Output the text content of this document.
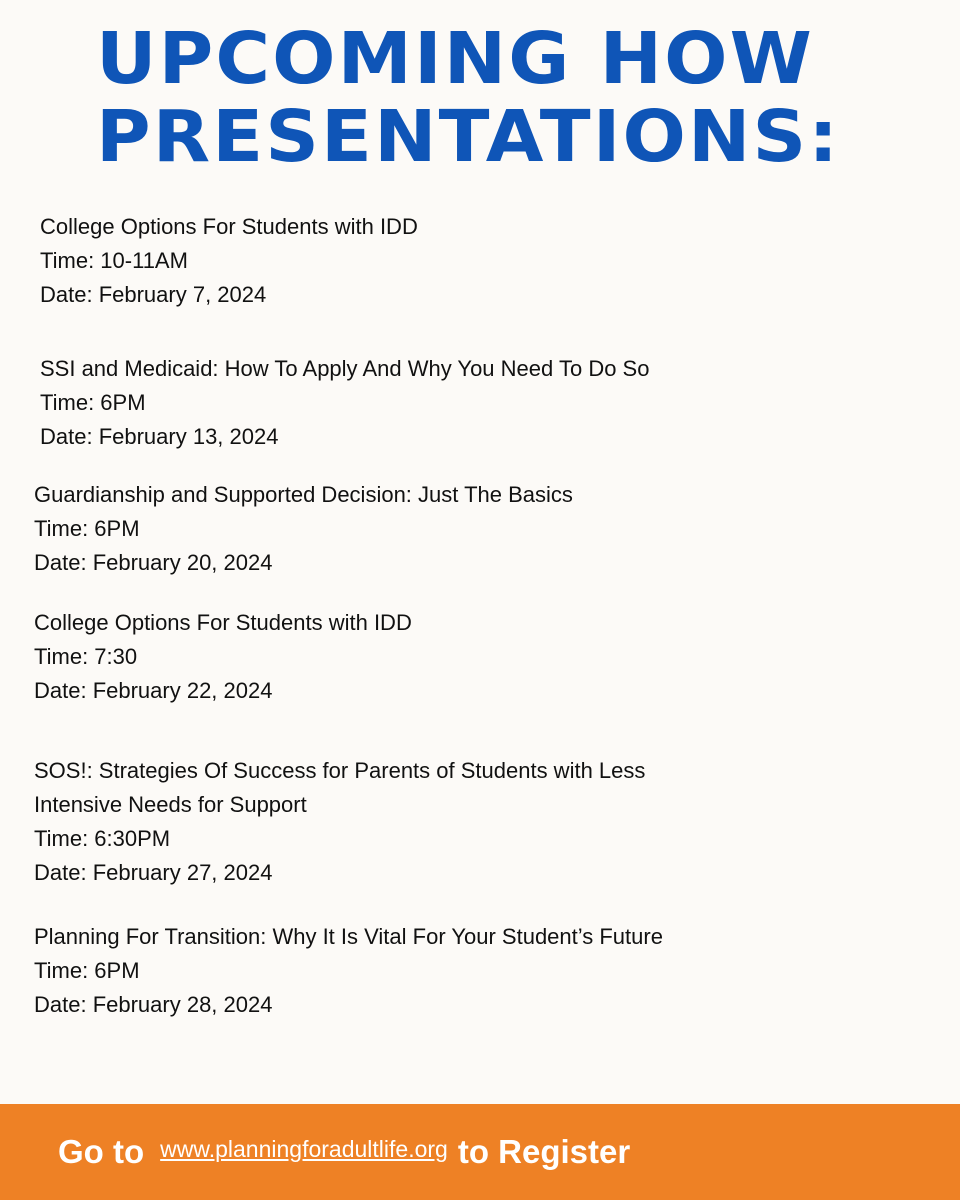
UPCOMING HOW
PRESENTATIONS:
College Options For Students with IDD
Time: 10-11AM
Date: February 7, 2024
SSI and Medicaid: How To Apply And Why You Need To Do So
Time: 6PM
Date: February 13, 2024
Guardianship and Supported Decision: Just The Basics
Time: 6PM
Date: February 20, 2024
College Options For Students with IDD
Time: 7:30
Date: February 22, 2024
SOS!: Strategies Of Success for Parents of Students with Less
Intensive Needs for Support
Time: 6:30PM
Date: February 27, 2024
Planning For Transition: Why It Is Vital For Your Student’s Future
Time: 6PM
Date: February 28, 2024
Go to www.planningforadultlife.org to Register
